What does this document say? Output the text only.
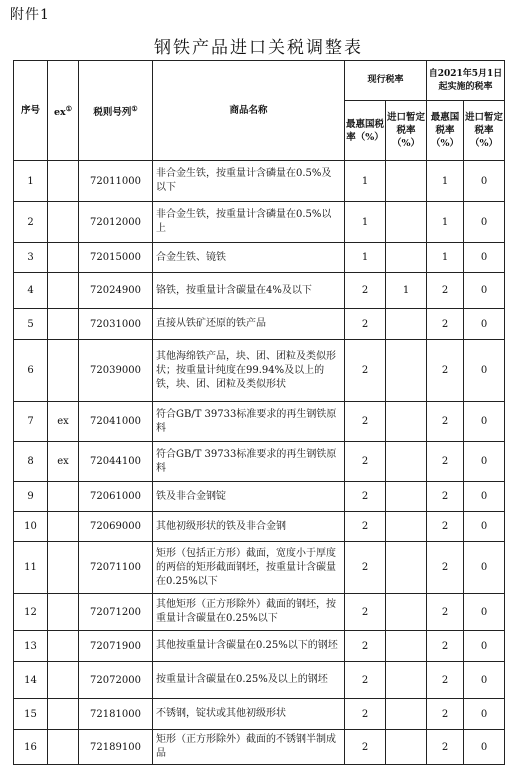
附件1
钢铁产品进口关税调整表
序号	ex①	税则号列①	商品名称	现行税率		自2021年5月1日起实施的税率	
				最惠国税率（%）	进口暂定税率（%）	最惠国税率（%）	进口暂定税率（%）
1		72011000	非合金生铁，按重量计含磷量在0.5%及以下	1		1	0
2		72012000	非合金生铁，按重量计含磷量在0.5%以上	1		1	0
3		72015000	合金生铁、镜铁	1		1	0
4		72024900	铬铁，按重量计含碳量在4%及以下	2	1	2	0
5		72031000	直接从铁矿还原的铁产品	2		2	0
6		72039000	其他海绵铁产品，块、团、团粒及类似形状；按重量计纯度在99.94%及以上的铁，块、团、团粒及类似形状	2		2	0
7	ex	72041000	符合GB/T 39733标准要求的再生钢铁原料	2		2	0
8	ex	72044100	符合GB/T 39733标准要求的再生钢铁原料	2		2	0
9		72061000	铁及非合金钢锭	2		2	0
10		72069000	其他初级形状的铁及非合金钢	2		2	0
11		72071100	矩形（包括正方形）截面，宽度小于厚度的两倍的矩形截面钢坯，按重量计含碳量在0.25%以下	2		2	0
12		72071200	其他矩形（正方形除外）截面的钢坯，按重量计含碳量在0.25%以下	2		2	0
13		72071900	其他按重量计含碳量在0.25%以下的钢坯	2		2	0
14		72072000	按重量计含碳量在0.25%及以上的钢坯	2		2	0
15		72181000	不锈钢，锭状或其他初级形状	2		2	0
16		72189100	矩形（正方形除外）截面的不锈钢半制成品	2		2	0
